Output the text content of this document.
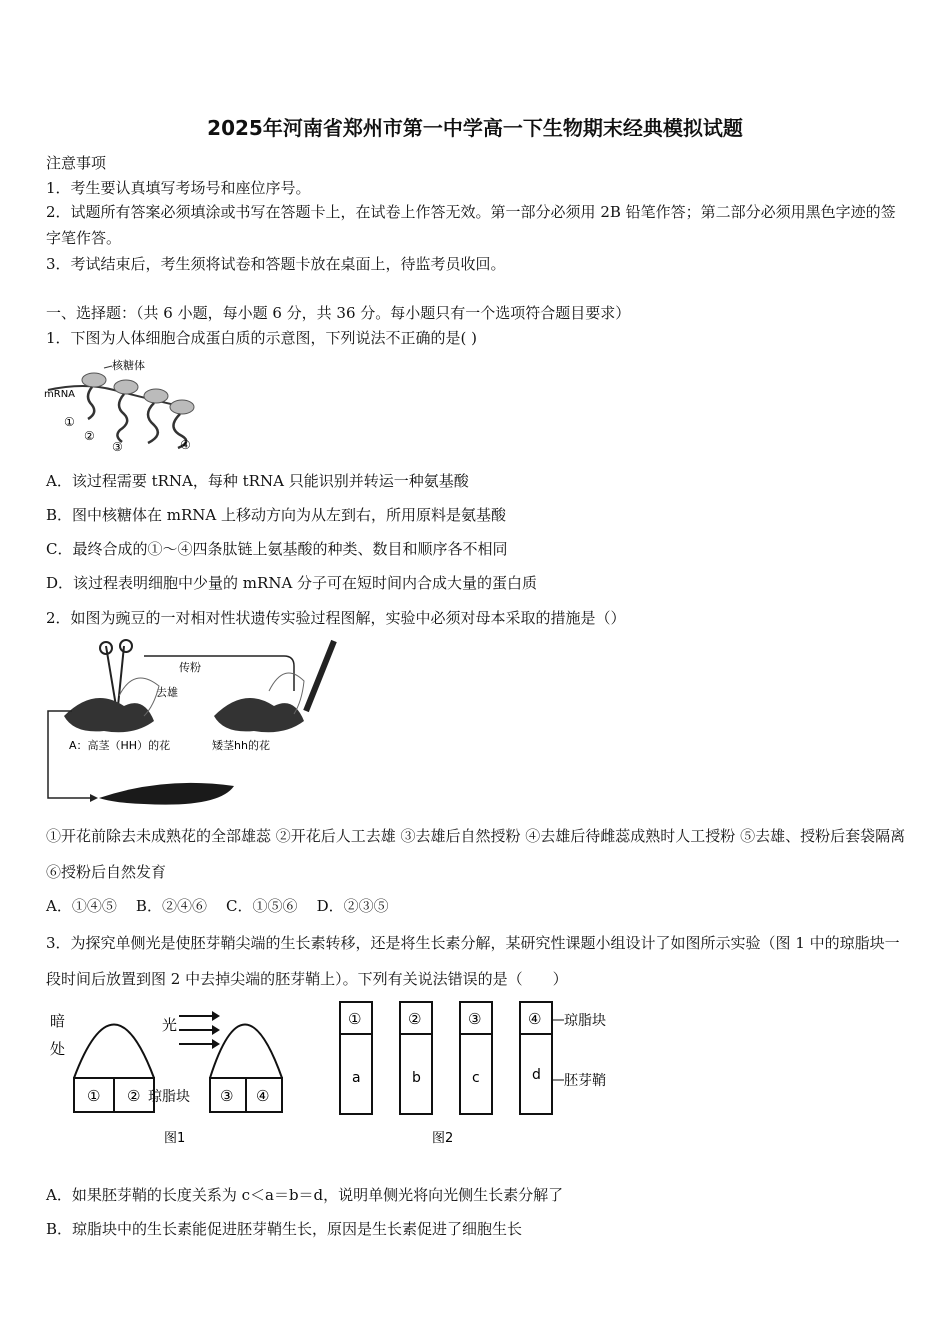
2025年河南省郑州市第一中学高一下生物期末经典模拟试题
注意事项
1．考生要认真填写考场号和座位序号。
2．试题所有答案必须填涂或书写在答题卡上，在试卷上作答无效。第一部分必须用 2B 铅笔作答；第二部分必须用黑色字迹的签字笔作答。
3．考试结束后，考生须将试卷和答题卡放在桌面上，待监考员收回。
一、选择题：（共 6 小题，每小题 6 分，共 36 分。每小题只有一个选项符合题目要求）
1．下图为人体细胞合成蛋白质的示意图，下列说法不正确的是( )
核糖体
mRNA
①
②
③	④
A．该过程需要 tRNA，每种 tRNA 只能识别并转运一种氨基酸
B．图中核糖体在 mRNA 上移动方向为从左到右，所用原料是氨基酸
C．最终合成的①～④四条肽链上氨基酸的种类、数目和顺序各不相同
D．该过程表明细胞中少量的 mRNA 分子可在短时间内合成大量的蛋白质
2．如图为豌豆的一对相对性状遗传实验过程图解，实验中必须对母本采取的措施是（）
传粉
去雄
A：高茎（HH）的花	矮茎hh的花
①开花前除去未成熟花的全部雄蕊 ②开花后人工去雄 ③去雄后自然授粉 ④去雄后待雌蕊成熟时人工授粉 ⑤去雄、授粉后套袋隔离 ⑥授粉后自然发育
A．①④⑤ B．②④⑥ C．①⑤⑥ D．②③⑤
3．为探究单侧光是使胚芽鞘尖端的生长素转移，还是将生长素分解，某研究性课题小组设计了如图所示实验（图 1 中的琼脂块一段时间后放置到图 2 中去掉尖端的胚芽鞘上）。下列有关说法错误的是（　　）
暗
处
① ②
光
琼脂块 ③ ④
图1
①	②	③	④
a	b	c	d
琼脂块
胚芽鞘
图2
A．如果胚芽鞘的长度关系为 c＜a＝b＝d，说明单侧光将向光侧生长素分解了
B．琼脂块中的生长素能促进胚芽鞘生长，原因是生长素促进了细胞生长
